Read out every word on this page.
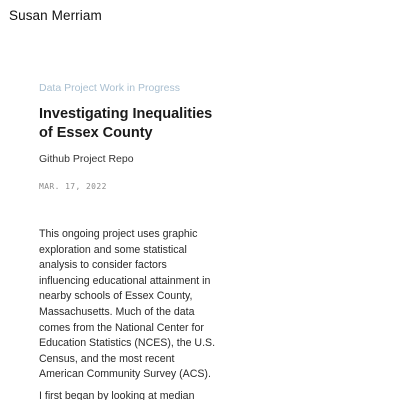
Susan Merriam
Data Project Work in Progress
Investigating Inequalities of Essex County
Github Project Repo
MAR. 17, 2022

This ongoing project uses graphic exploration and some statistical analysis to consider factors influencing educational attainment in nearby schools of Essex County, Massachusetts. Much of the data comes from the National Center for Education Statistics (NCES), the U.S. Census, and the most recent American Community Survey (ACS).

I first began by looking at median
